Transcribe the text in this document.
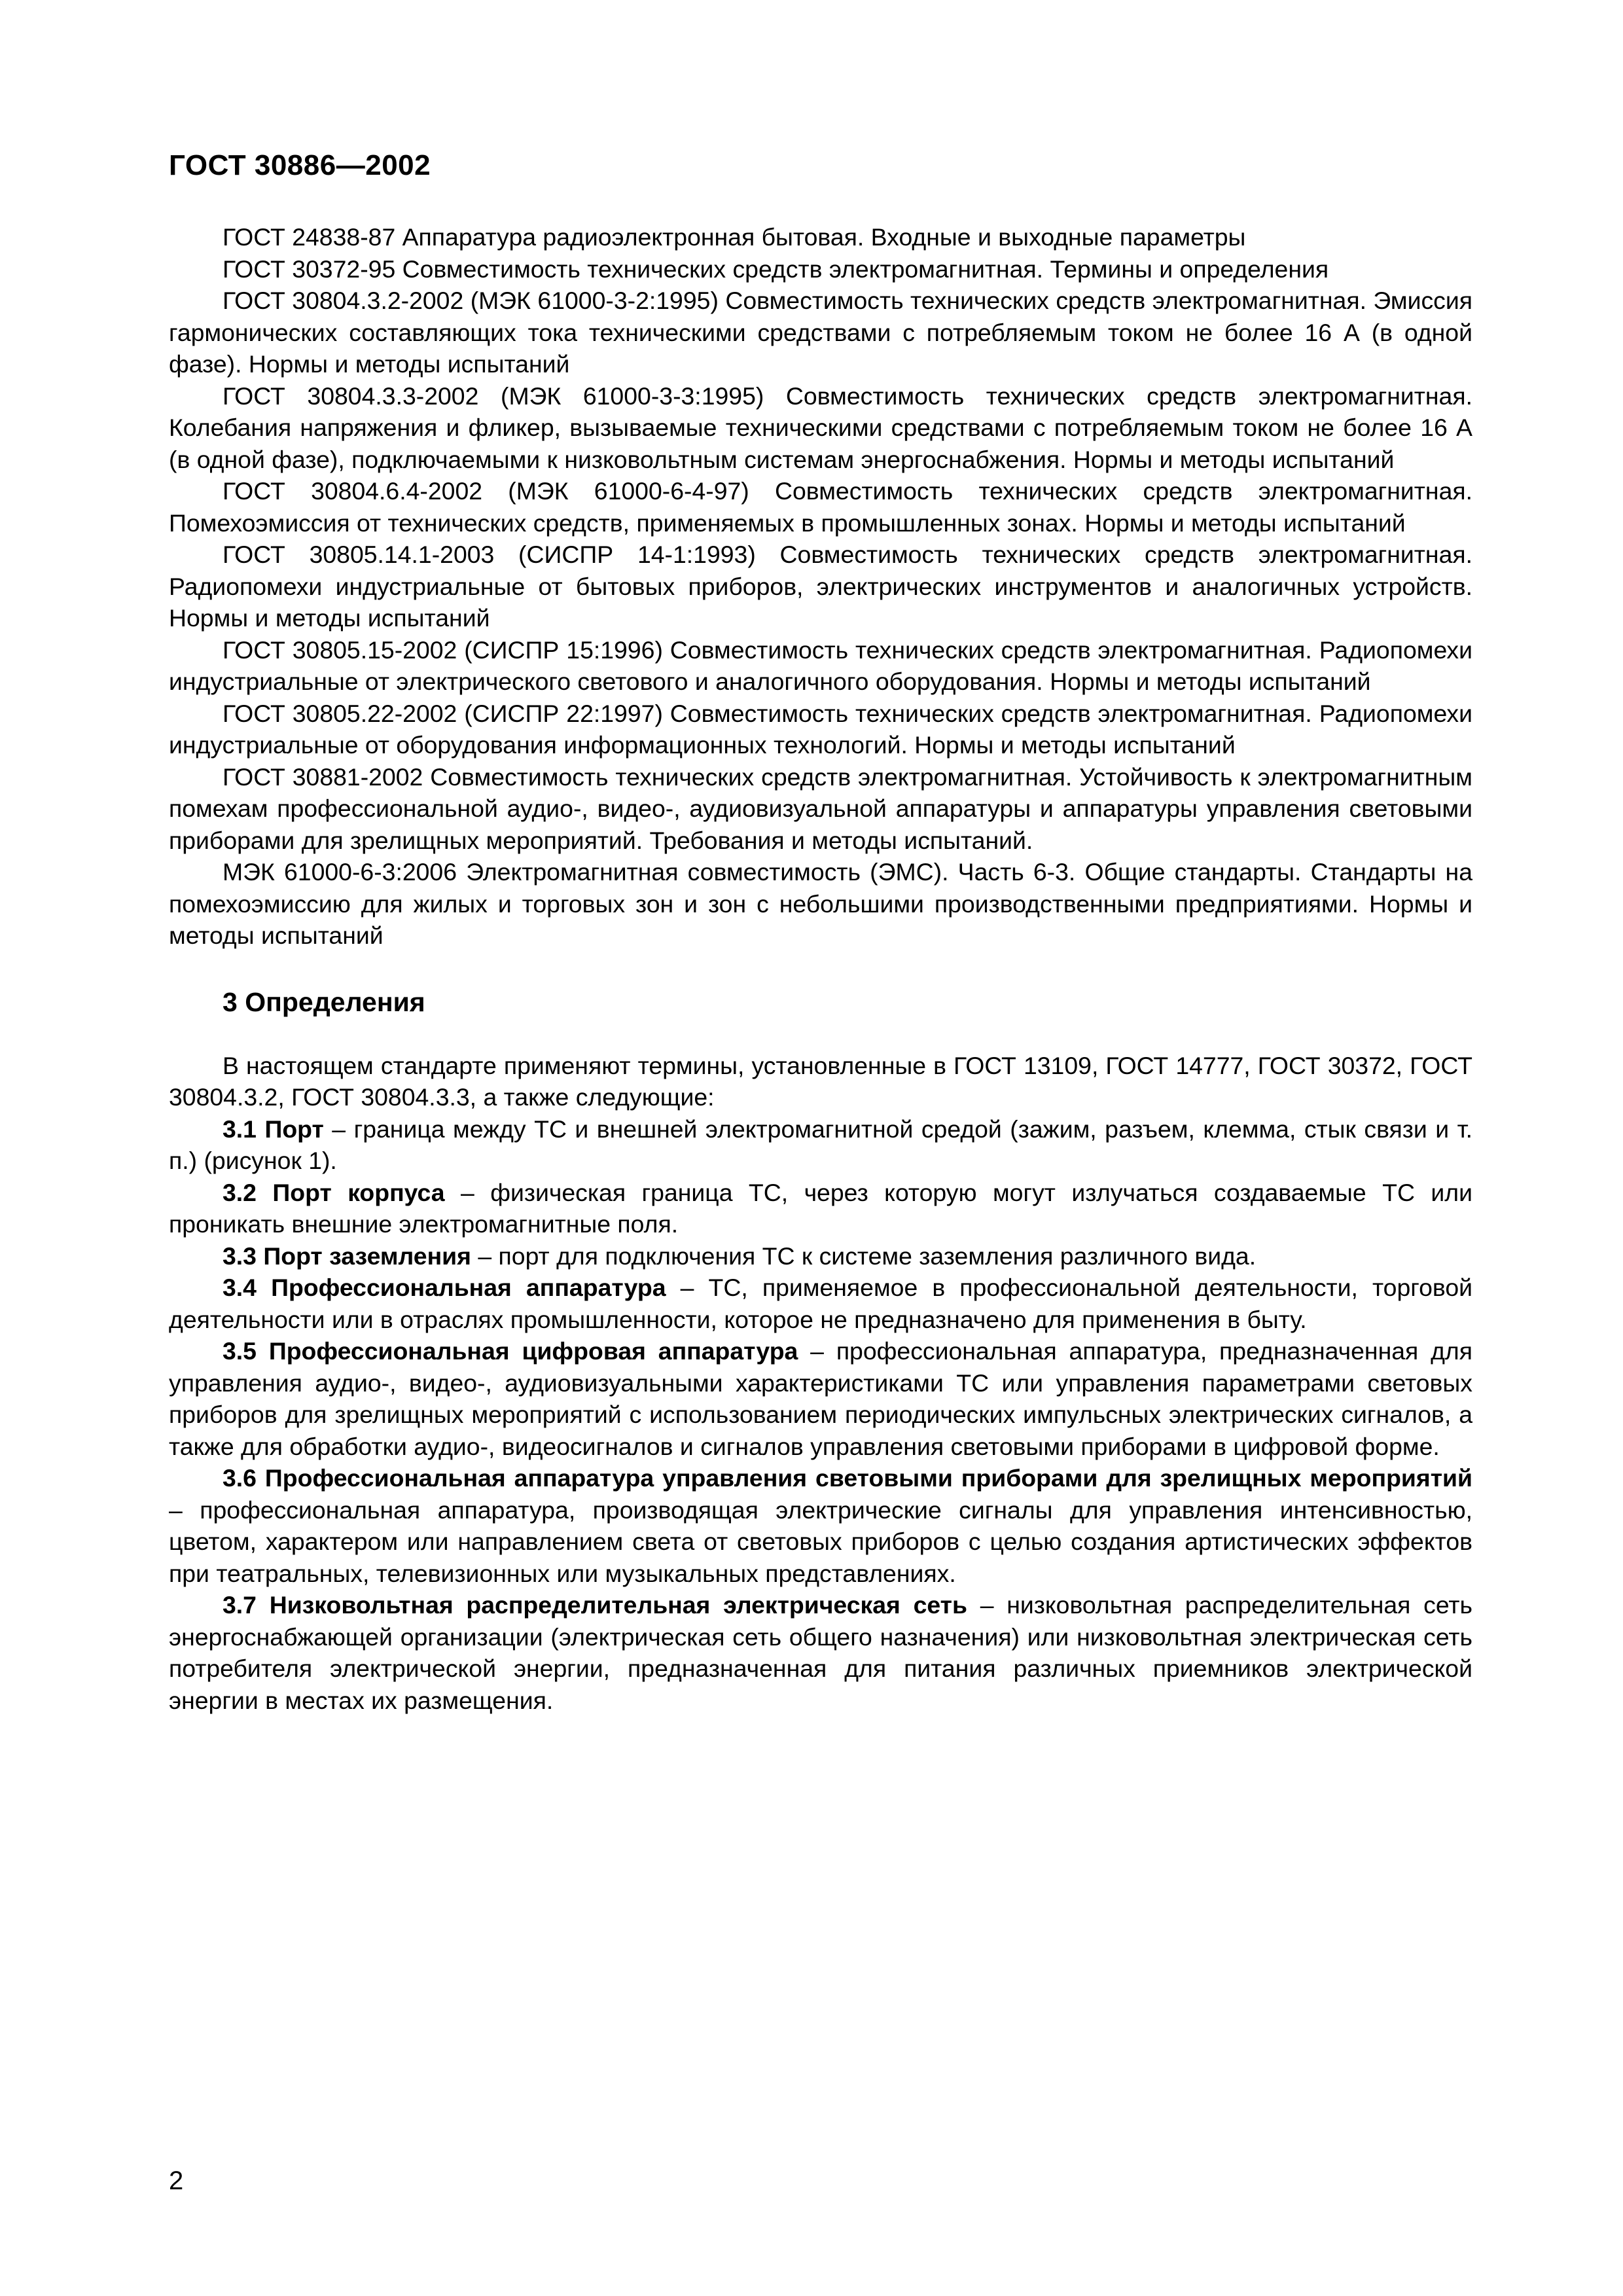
ГОСТ 30886—2002

ГОСТ 24838-87 Аппаратура радиоэлектронная бытовая. Входные и выходные параметры

ГОСТ 30372-95 Совместимость технических средств электромагнитная. Термины и определения

ГОСТ 30804.3.2-2002 (МЭК 61000-3-2:1995) Совместимость технических средств электромагнитная. Эмиссия гармонических составляющих тока техническими средствами с потребляемым током не более 16 А (в одной фазе). Нормы и методы испытаний

ГОСТ 30804.3.3-2002 (МЭК 61000-3-3:1995) Совместимость технических средств электромагнитная. Колебания напряжения и фликер, вызываемые техническими средствами с потребляемым током не более 16 А (в одной фазе), подключаемыми к низковольтным системам энергоснабжения. Нормы и методы испытаний

ГОСТ 30804.6.4-2002 (МЭК 61000-6-4-97) Совместимость технических средств электромагнитная. Помехоэмиссия от технических средств, применяемых в промышленных зонах. Нормы и методы испытаний

ГОСТ 30805.14.1-2003 (СИСПР 14-1:1993) Совместимость технических средств электромагнитная. Радиопомехи индустриальные от бытовых приборов, электрических инструментов и аналогичных устройств. Нормы и методы испытаний

ГОСТ 30805.15-2002 (СИСПР 15:1996) Совместимость технических средств электромагнитная. Радиопомехи индустриальные от электрического светового и аналогичного оборудования. Нормы и методы испытаний

ГОСТ 30805.22-2002 (СИСПР 22:1997) Совместимость технических средств электромагнитная. Радиопомехи индустриальные от оборудования информационных технологий. Нормы и методы испытаний

ГОСТ 30881-2002 Совместимость технических средств электромагнитная. Устойчивость к электромагнитным помехам профессиональной аудио-, видео-, аудиовизуальной аппаратуры и аппаратуры управления световыми приборами для зрелищных мероприятий. Требования и методы испытаний.

МЭК 61000-6-3:2006 Электромагнитная совместимость (ЭМС). Часть 6-3. Общие стандарты. Стандарты на помехоэмиссию для жилых и торговых зон и зон с небольшими производственными предприятиями. Нормы и методы испытаний

3 Определения

В настоящем стандарте применяют термины, установленные в ГОСТ 13109, ГОСТ 14777, ГОСТ 30372, ГОСТ 30804.3.2, ГОСТ 30804.3.3, а также следующие:

3.1 Порт – граница между ТС и внешней электромагнитной средой (зажим, разъем, клемма, стык связи и т. п.) (рисунок 1).

3.2 Порт корпуса – физическая граница ТС, через которую могут излучаться создаваемые ТС или проникать внешние электромагнитные поля.

3.3 Порт заземления – порт для подключения ТС к системе заземления различного вида.

3.4 Профессиональная аппаратура – ТС, применяемое в профессиональной деятельности, торговой деятельности или в отраслях промышленности, которое не предназначено для применения в быту.

3.5 Профессиональная цифровая аппаратура – профессиональная аппаратура, предназначенная для управления аудио-, видео-, аудиовизуальными характеристиками ТС или управления параметрами световых приборов для зрелищных мероприятий с использованием периодических импульсных электрических сигналов, а также для обработки аудио-, видеосигналов и сигналов управления световыми приборами в цифровой форме.

3.6 Профессиональная аппаратура управления световыми приборами для зрелищных мероприятий – профессиональная аппаратура, производящая электрические сигналы для управления интенсивностью, цветом, характером или направлением света от световых приборов с целью создания артистических эффектов при театральных, телевизионных или музыкальных представлениях.

3.7 Низковольтная распределительная электрическая сеть – низковольтная распределительная сеть энергоснабжающей организации (электрическая сеть общего назначения) или низковольтная электрическая сеть потребителя электрической энергии, предназначенная для питания различных приемников электрической энергии в местах их размещения.

2
